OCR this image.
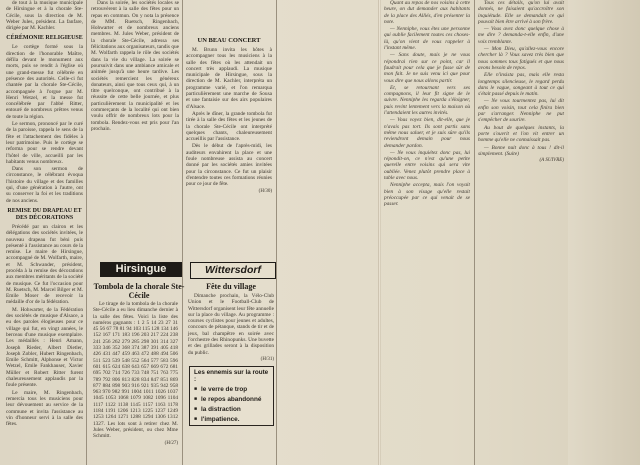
de tout à la musique municipale de Hirsingue et à la chorale Ste-Cécile, sous la direction de M. Weber Jules, président. La fanfare, dirigée par M. Kachler.

CÉRÉMONIE RELIGIEUSE

Le cortège formé sous la direction de l'honorable Maître, défila devant le monument aux morts, puis se rendit à l'église où une grand-messe fut célébrée en présence des autorités. Celle-ci fut chantée par la chorale Ste-Cécile, accompagnée à l'orgue par M. Henri Wetzel, et la messe fut concélébrée par l'abbé Ritter, entouré de nombreux prêtres venus de toute la région.

Le sermon, prononcé par le curé de la paroisse, rappela le sens de la fête et l'attachement des fidèles à leur patrimoine. Puis le cortège se reforma pour se rendre devant l'hôtel de ville, accueilli par les habitants venus nombreux.

Dans son sermon de circonstance, le célébrant évoqua l'histoire du village et des familles qui, d'une génération à l'autre, ont su conserver la foi et les traditions de nos anciens.

REMISE DU DRAPEAU ET DES DÉCORATIONS

Précédé par un clairon et les délégations des sociétés invitées, le nouveau drapeau fut béni puis présenté à l'assistance au cours de la remise. Le maire de Hirsingue, accompagné de M. Wolfarth, maire, et M. Schwander, président, procéda à la remise des décorations aux membres méritants de la société de musique. Ce fut l'occasion pour M. Ruetsch, M. Marcel Bilger et M. Emile Moser de recevoir la médaille d'or de la fédération.

M. Hohwarter, de la Fédération des sociétés de musique d'Alsace, a eu des paroles élogieuses pour ce village qui fut, en vingt années, le berceau d'une musique exemplaire. Les médaillés : Henri Amann, Joseph Rieder, Albert Dietler, Joseph Zobler, Hubert Ringenbach, Emile Schmitt, Alphonse et Victor Wetzel, Emile Fankhauser, Xavier Müller et Robert Ritter furent chaleureusement applaudis par la foule présente.

Le maire, M. Ringenbach, remercia tous les musiciens pour leur dévouement au service de la commune et invita l'assistance au vin d'honneur servi à la salle des fêtes.

Dans la soirée, les sociétés locales se retrouvèrent à la salle des fêtes pour un repas en commun. On y nota la présence de MM. Ruetsch, Ringenbach, Hohwarter et de nombreux anciens membres. M. Jules Weber, président de la chorale Ste-Cécile, adressa ses félicitations aux organisateurs, tandis que M. Wolfarth rappela le rôle des sociétés dans la vie du village. La soirée se poursuivit dans une ambiance amicale et animée jusqu'à une heure tardive. Les sociétés remercient les généreux donateurs, ainsi que tous ceux qui, à un titre quelconque, ont contribué à la réussite de cette belle journée, et plus particulièrement la municipalité et les commerçants de la localité qui ont bien voulu offrir de nombreux lots pour la tombola. Rendez-vous est pris pour l'an prochain.

UN BEAU CONCERT

M. Brunn invita les hôtes à accompagner tous les musiciens à la salle des fêtes où les attendait un concert très applaudi. La musique municipale de Hirsingue, sous la direction de M. Kachler, interpréta un programme varié, et l'on remarqua particulièrement une marche de Sousa et une fantaisie sur des airs populaires d'Alsace.

Après le dîner, la grande tombola fut tirée à la salle des fêtes et les jeunes de la chorale Ste-Cécile ont interprété quelques chants, chaleureusement accueillis par l'assistance.

Dès le début de l'après-midi, les auditeurs envahirent la place et une foule nombreuse assista au concert donné par les sociétés amies invitées pour la circonstance. Ce fut un plaisir d'entendre toutes ces formations réunies pour ce jour de fête.

(H/30)
Hirsingue
Tombola de la chorale Ste-Cécile

Le tirage de la tombola de la chorale Ste-Cécile a eu lieu dimanche dernier à la salle des fêtes. Voici la liste des numéros gagnants : 1 2 5 14 23 27 31 45 56 67 78 81 94 103 115 128 134 146 152 167 171 183 196 203 217 224 238 241 256 262 279 285 298 301 314 327 333 346 352 368 374 387 391 405 418 426 431 447 459 463 472 488 494 506 511 523 539 548 552 564 577 583 596 601 615 624 638 643 657 669 672 681 695 702 714 726 733 748 751 763 775 789 792 806 813 828 834 847 851 869 877 884 898 903 916 921 935 942 958 963 970 982 991 1004 1011 1026 1037 1045 1053 1068 1079 1082 1096 1104 1117 1122 1138 1145 1157 1163 1178 1184 1191 1206 1213 1225 1237 1249 1253 1264 1271 1288 1294 1306 1312 1327. Les lots sont à retirer chez M. Jules Weber, président, ou chez Mme Schmitt.

(H/27)
Wittersdorf
Fête du village

Dimanche prochain, la Vélo-Club Union et le Football-Club de Wittersdorf organisent leur fête annuelle sur la place du village. Au programme : courses cyclistes pour jeunes et adultes, concours de pétanque, stands de tir et de jeux, bal champêtre en soirée avec l'orchestre des Rhinopunks. Une buvette et des grillades seront à la disposition du public.

(H/31)
Les ennemis sur la route :
■ le verre de trop
■ le repos abandonné
■ la distraction
■ l'impatience.

Quant au repas de nos voisins à cette heure, on dut demander aux habitants de la place des Alliés, d'en présenter la note.

— Nenniphe, vous êtes une personne qui oublie facilement toutes ces choses-là, qu'on vient de vous rappeler à l'instant même.

— Sans doute, mais je ne vous répondrai rien sur ce point, car il faudrait pour cela que je fusse sûr de mon fait. Je ne suis venu ici que pour vous dire que nous allons partir.

Et, se retournant vers ses compagnons, il leur fit signe de le suivre. Nenniphe les regarda s'éloigner, puis revint lentement vers la maison où l'attendaient les autres invités.

— Vous voyez bien, dit-elle, que je n'avais pas tort. Ils sont partis sans même nous saluer, et je suis sûre qu'ils reviendront demain pour nous demander pardon.

— Ne vous inquiétez donc pas, lui répondit-on, ce n'est qu'une petite querelle entre voisins qui sera vite oubliée. Venez plutôt prendre place à table avec nous.

Nenniphe accepta, mais l'on voyait bien à son visage qu'elle restait préoccupée par ce qui venait de se passer.

Tous ces détails, qu'on lui avait donnés, ne faisaient qu'accroître son inquiétude. Elle se demandait ce qui pouvait bien être arrivé à son frère.

— Vous avez donc quelque chose à me dire ? demanda-t-elle enfin, d'une voix tremblante.

— Mon Dieu, qu'allez-vous encore chercher là ? Vous savez très bien que nous sommes tous fatigués et que nous avons besoin de repos.

Elle n'insista pas, mais elle resta longtemps silencieuse, le regard perdu dans le vague, songeant à tout ce qui s'était passé depuis le matin.

— Ne vous tourmentez pas, lui dit enfin son voisin, tout cela finira bien par s'arranger. Nenniphe ne put s'empêcher de sourire.

Au bout de quelques instants, la porte s'ouvrit et l'on vit entrer un homme qu'elle ne connaissait pas.

— Bonne nuit donc à tous ! dit-il simplement. (Suite)

(A SUIVRE)
